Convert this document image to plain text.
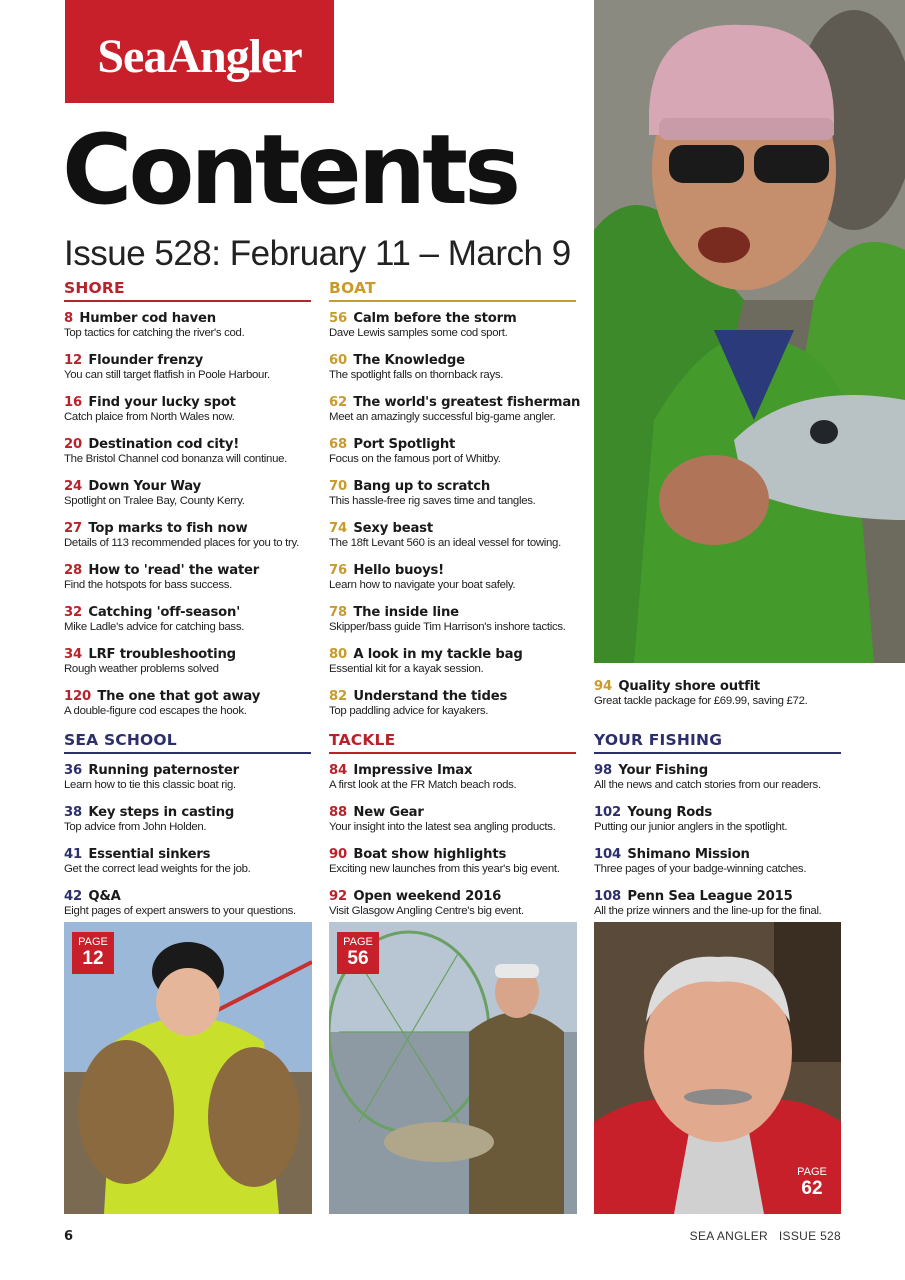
SeaAngler
Contents
Issue 528: February 11 – March 9
SHORE
8 Humber cod haven
Top tactics for catching the river's cod.
12 Flounder frenzy
You can still target flatfish in Poole Harbour.
16 Find your lucky spot
Catch plaice from North Wales now.
20 Destination cod city!
The Bristol Channel cod bonanza will continue.
24 Down Your Way
Spotlight on Tralee Bay, County Kerry.
27 Top marks to fish now
Details of 113 recommended places for you to try.
28 How to 'read' the water
Find the hotspots for bass success.
32 Catching 'off-season'
Mike Ladle's advice for catching bass.
34 LRF troubleshooting
Rough weather problems solved
120 The one that got away
A double-figure cod escapes the hook.
BOAT
56 Calm before the storm
Dave Lewis samples some cod sport.
60 The Knowledge
The spotlight falls on thornback rays.
62 The world's greatest fisherman
Meet an amazingly successful big-game angler.
68 Port Spotlight
Focus on the famous port of Whitby.
70 Bang up to scratch
This hassle-free rig saves time and tangles.
74 Sexy beast
The 18ft Levant 560 is an ideal vessel for towing.
76 Hello buoys!
Learn how to navigate your boat safely.
78 The inside line
Skipper/bass guide Tim Harrison's inshore tactics.
80 A look in my tackle bag
Essential kit for a kayak session.
82 Understand the tides
Top paddling advice for kayakers.
94 Quality shore outfit
Great tackle package for £69.99, saving £72.
SEA SCHOOL
36 Running paternoster
Learn how to tie this classic boat rig.
38 Key steps in casting
Top advice from John Holden.
41 Essential sinkers
Get the correct lead weights for the job.
42 Q&A
Eight pages of expert answers to your questions.
TACKLE
84 Impressive Imax
A first look at the FR Match beach rods.
88 New Gear
Your insight into the latest sea angling products.
90 Boat show highlights
Exciting new launches from this year's big event.
92 Open weekend 2016
Visit Glasgow Angling Centre's big event.
YOUR FISHING
98 Your Fishing
All the news and catch stories from our readers.
102 Young Rods
Putting our junior anglers in the spotlight.
104 Shimano Mission
Three pages of your badge-winning catches.
108 Penn Sea League 2015
All the prize winners and the line-up for the final.
PAGE
12
PAGE
56
PAGE
62
6	SEA ANGLER   ISSUE 528
